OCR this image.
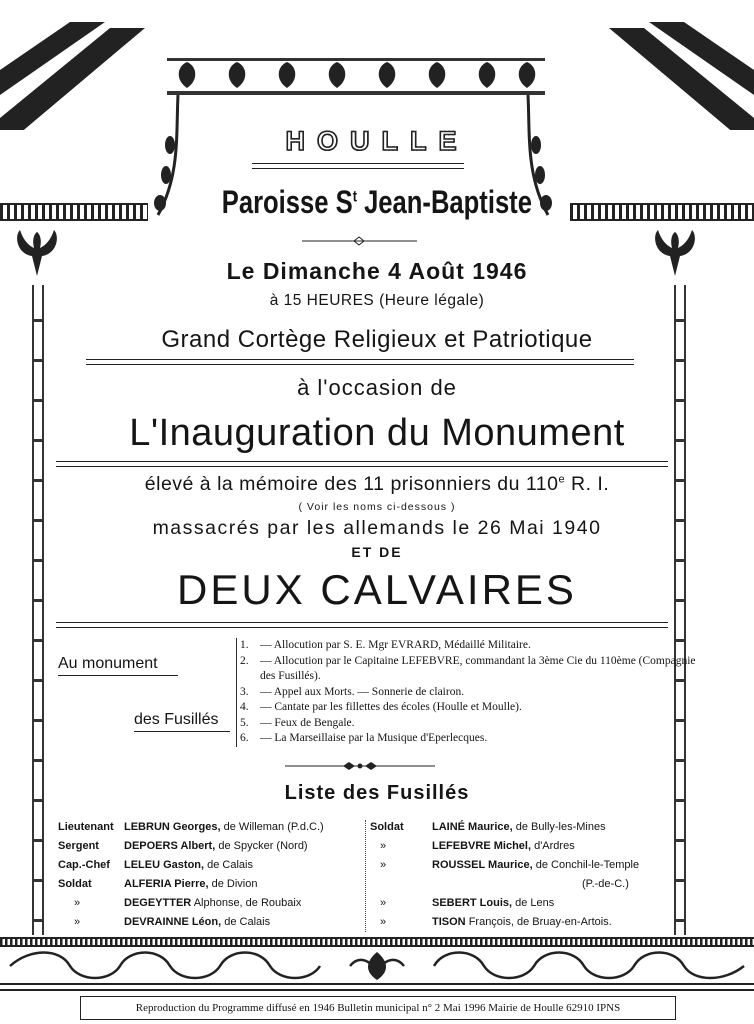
HOULLE
Paroisse $S^t$ Jean-Baptiste
Le Dimanche 4 Août 1946
à 15 HEURES (Heure légale)
Grand Cortège Religieux et Patriotique
à l'occasion de
L'Inauguration du Monument
élevé à la mémoire des 11 prisonniers du 110e R. I.
( Voir les noms ci-dessous )
massacrés par les allemands le 26 Mai 1940
ET DE
DEUX CALVAIRES
Au monument
des Fusillés
1. — Allocution par S. E. Mgr EVRARD, Médaillé Militaire.
2. — Allocution par le Capitaine LEFEBVRE, commandant la 3ème Cie du 110ème (Compagnie des Fusillés).
3. — Appel aux Morts. — Sonnerie de clairon.
4. — Cantate par les fillettes des écoles (Houlle et Moulle).
5. — Feux de Bengale.
6. — La Marseillaise par la Musique d'Eperlecques.
Liste des Fusillés
Lieutenant LEBRUN Georges, de Willeman (P.d.C.)
Sergent DEPOERS Albert, de Spycker (Nord)
Cap.-Chef LELEU Gaston, de Calais
Soldat	ALFERIA Pierre, de Divion
»	DEGEYTTER Alphonse, de Roubaix
»	DEVRAINNE Léon, de Calais
Soldat	LAINÉ Maurice, de Bully-les-Mines
»	LEFEBVRE Michel, d'Ardres
»	ROUSSEL Maurice, de Conchil-le-Temple
(P.-de-C.)
»	SEBERT Louis, de Lens
»	TISON François, de Bruay-en-Artois.
Reproduction du Programme diffusé en 1946 Bulletin municipal n° 2 Mai 1996 Mairie de Houlle 62910 IPNS
